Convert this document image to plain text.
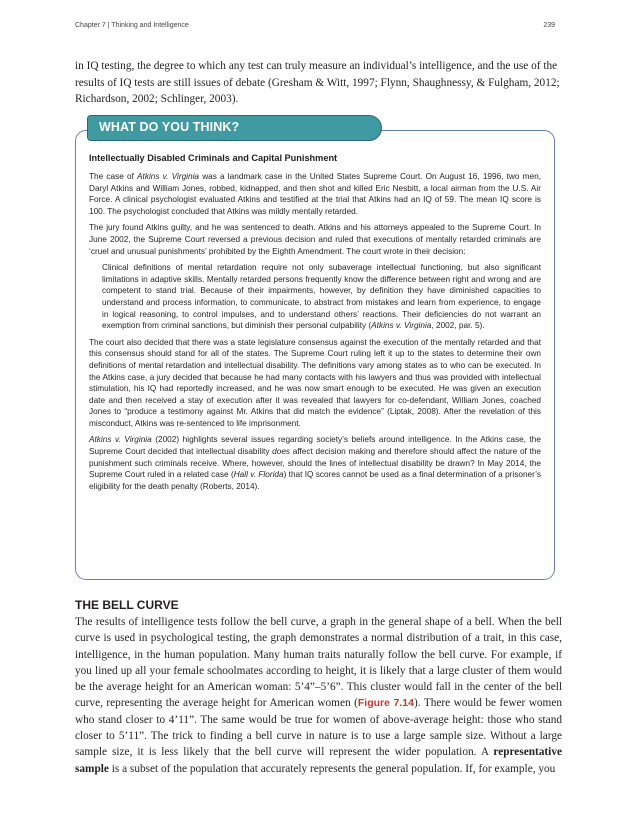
Chapter 7 | Thinking and Intelligence	239

in IQ testing, the degree to which any test can truly measure an individual’s intelligence, and the use of the results of IQ tests are still issues of debate (Gresham & Witt, 1997; Flynn, Shaughnessy, & Fulgham, 2012; Richardson, 2002; Schlinger, 2003).

WHAT DO YOU THINK?
Intellectually Disabled Criminals and Capital Punishment

The case of Atkins v. Virginia was a landmark case in the United States Supreme Court. On August 16, 1996, two men, Daryl Atkins and William Jones, robbed, kidnapped, and then shot and killed Eric Nesbitt, a local airman from the U.S. Air Force. A clinical psychologist evaluated Atkins and testified at the trial that Atkins had an IQ of 59. The mean IQ score is 100. The psychologist concluded that Atkins was mildly mentally retarded.

The jury found Atkins guilty, and he was sentenced to death. Atkins and his attorneys appealed to the Supreme Court. In June 2002, the Supreme Court reversed a previous decision and ruled that executions of mentally retarded criminals are ‘cruel and unusual punishments’ prohibited by the Eighth Amendment. The court wrote in their decision:

Clinical definitions of mental retardation require not only subaverage intellectual functioning, but also significant limitations in adaptive skills. Mentally retarded persons frequently know the difference between right and wrong and are competent to stand trial. Because of their impairments, however, by definition they have diminished capacities to understand and process information, to communicate, to abstract from mistakes and learn from experience, to engage in logical reasoning, to control impulses, and to understand others’ reactions. Their deficiencies do not warrant an exemption from criminal sanctions, but diminish their personal culpability (Atkins v. Virginia, 2002, par. 5).

The court also decided that there was a state legislature consensus against the execution of the mentally retarded and that this consensus should stand for all of the states. The Supreme Court ruling left it up to the states to determine their own definitions of mental retardation and intellectual disability. The definitions vary among states as to who can be executed. In the Atkins case, a jury decided that because he had many contacts with his lawyers and thus was provided with intellectual stimulation, his IQ had reportedly increased, and he was now smart enough to be executed. He was given an execution date and then received a stay of execution after it was revealed that lawyers for co-defendant, William Jones, coached Jones to “produce a testimony against Mr. Atkins that did match the evidence” (Liptak, 2008). After the revelation of this misconduct, Atkins was re-sentenced to life imprisonment.

Atkins v. Virginia (2002) highlights several issues regarding society’s beliefs around intelligence. In the Atkins case, the Supreme Court decided that intellectual disability does affect decision making and therefore should affect the nature of the punishment such criminals receive. Where, however, should the lines of intellectual disability be drawn? In May 2014, the Supreme Court ruled in a related case (Hall v. Florida) that IQ scores cannot be used as a final determination of a prisoner’s eligibility for the death penalty (Roberts, 2014).

THE BELL CURVE

The results of intelligence tests follow the bell curve, a graph in the general shape of a bell. When the bell curve is used in psychological testing, the graph demonstrates a normal distribution of a trait, in this case, intelligence, in the human population. Many human traits naturally follow the bell curve. For example, if you lined up all your female schoolmates according to height, it is likely that a large cluster of them would be the average height for an American woman: 5’4”–5’6”. This cluster would fall in the center of the bell curve, representing the average height for American women (Figure 7.14). There would be fewer women who stand closer to 4’11”. The same would be true for women of above-average height: those who stand closer to 5’11”. The trick to finding a bell curve in nature is to use a large sample size. Without a large sample size, it is less likely that the bell curve will represent the wider population. A representative sample is a subset of the population that accurately represents the general population. If, for example, you
